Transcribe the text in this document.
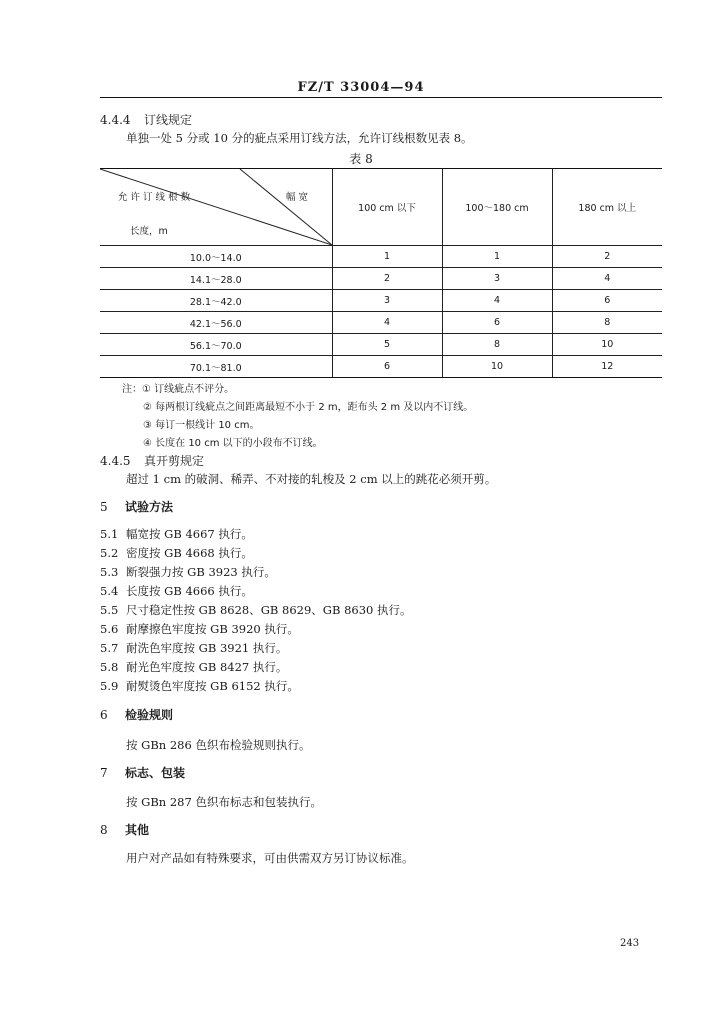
FZ/T 33004—94
4.4.4 订线规定
单独一处 5 分或 10 分的疵点采用订线方法，允许订线根数见表 8。
表 8
允 许 订 线 根 数 幅 宽
长度，m	100 cm 以下	100～180 cm	180 cm 以上
10.0～14.0	1	1	2
14.1～28.0	2	3	4
28.1～42.0	3	4	6
42.1～56.0	4	6	8
56.1～70.0	5	8	10
70.1～81.0	6	10	12
注：① 订线疵点不评分。
② 每两根订线疵点之间距离最短不小于 2 m，距布头 2 m 及以内不订线。
③ 每订一根线计 10 cm。
④ 长度在 10 cm 以下的小段布不订线。
4.4.5 真开剪规定
超过 1 cm 的破洞、稀弄、不对接的轧梭及 2 cm 以上的跳花必须开剪。
5 试验方法
5.1 幅宽按 GB 4667 执行。
5.2 密度按 GB 4668 执行。
5.3 断裂强力按 GB 3923 执行。
5.4 长度按 GB 4666 执行。
5.5 尺寸稳定性按 GB 8628、GB 8629、GB 8630 执行。
5.6 耐摩擦色牢度按 GB 3920 执行。
5.7 耐洗色牢度按 GB 3921 执行。
5.8 耐光色牢度按 GB 8427 执行。
5.9 耐熨烫色牢度按 GB 6152 执行。
6 检验规则
按 GBn 286 色织布检验规则执行。
7 标志、包装
按 GBn 287 色织布标志和包装执行。
8 其他
用户对产品如有特殊要求，可由供需双方另订协议标准。
243
